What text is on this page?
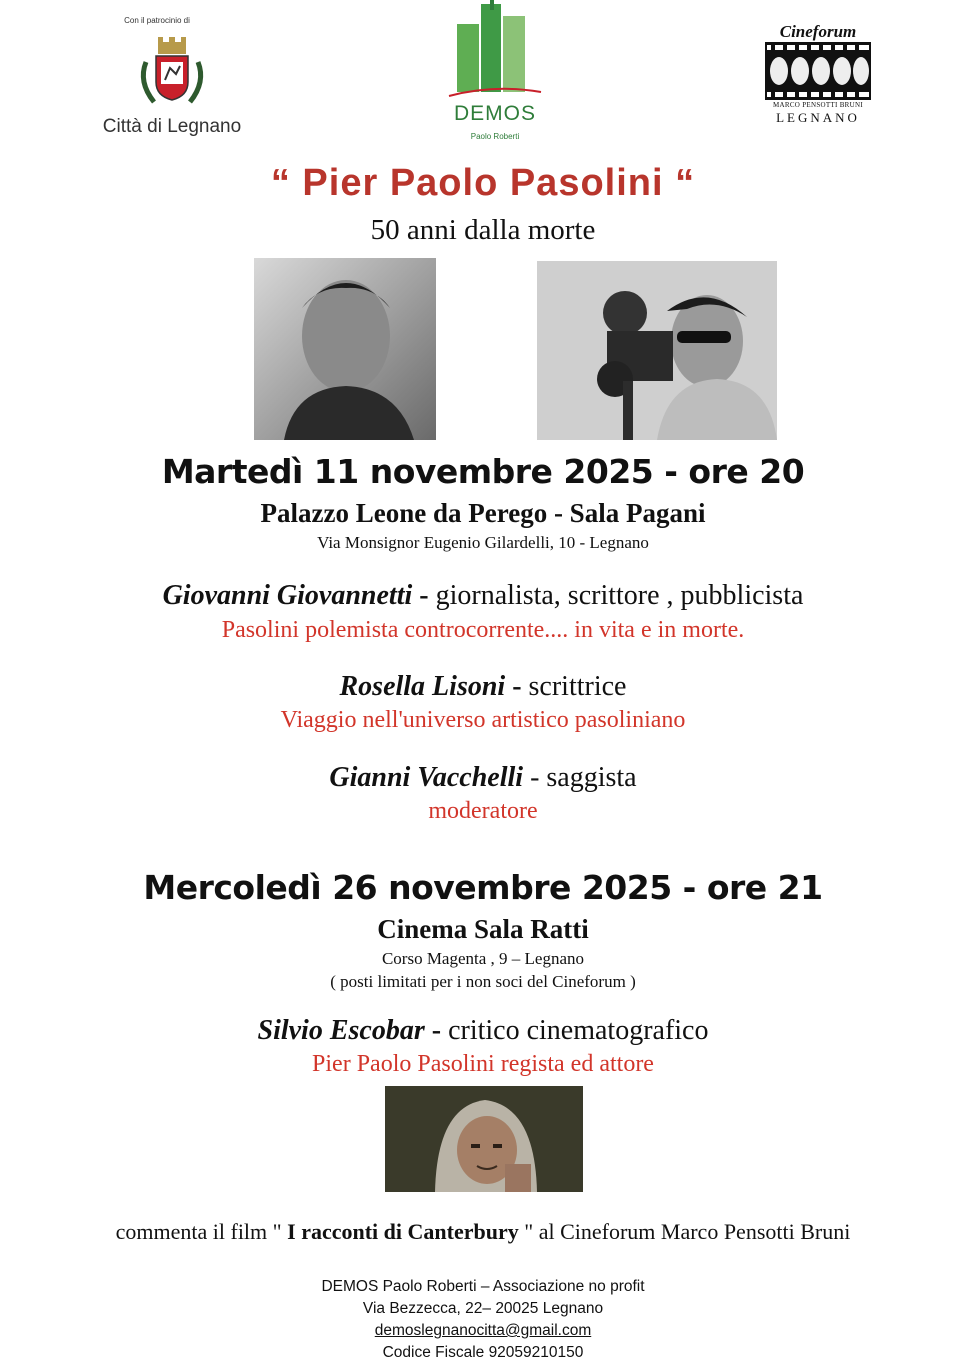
Con il patrocinio di
Città di Legnano
DEMOS
Paolo Roberti
Cineforum
MARCO PENSOTTI BRUNI
LEGNANO
“ Pier Paolo Pasolini “
50 anni dalla morte
Martedì 11 novembre 2025 - ore 20
Palazzo Leone da Perego - Sala Pagani
Via Monsignor Eugenio Gilardelli, 10 - Legnano
Giovanni Giovannetti - giornalista, scrittore , pubblicista
Pasolini polemista controcorrente.... in vita e in morte.
Rosella Lisoni - scrittrice
Viaggio nell'universo artistico pasoliniano
Gianni Vacchelli - saggista
moderatore
Mercoledì 26 novembre 2025 - ore 21
Cinema Sala Ratti
Corso Magenta , 9 – Legnano
( posti limitati per i non soci del Cineforum )
Silvio Escobar - critico cinematografico
Pier Paolo Pasolini regista ed attore
commenta il film " I racconti di Canterbury " al Cineforum Marco Pensotti Bruni
DEMOS Paolo Roberti – Associazione no profit
Via Bezzecca, 22– 20025 Legnano
demoslegnanocitta@gmail.com
Codice Fiscale 92059210150
